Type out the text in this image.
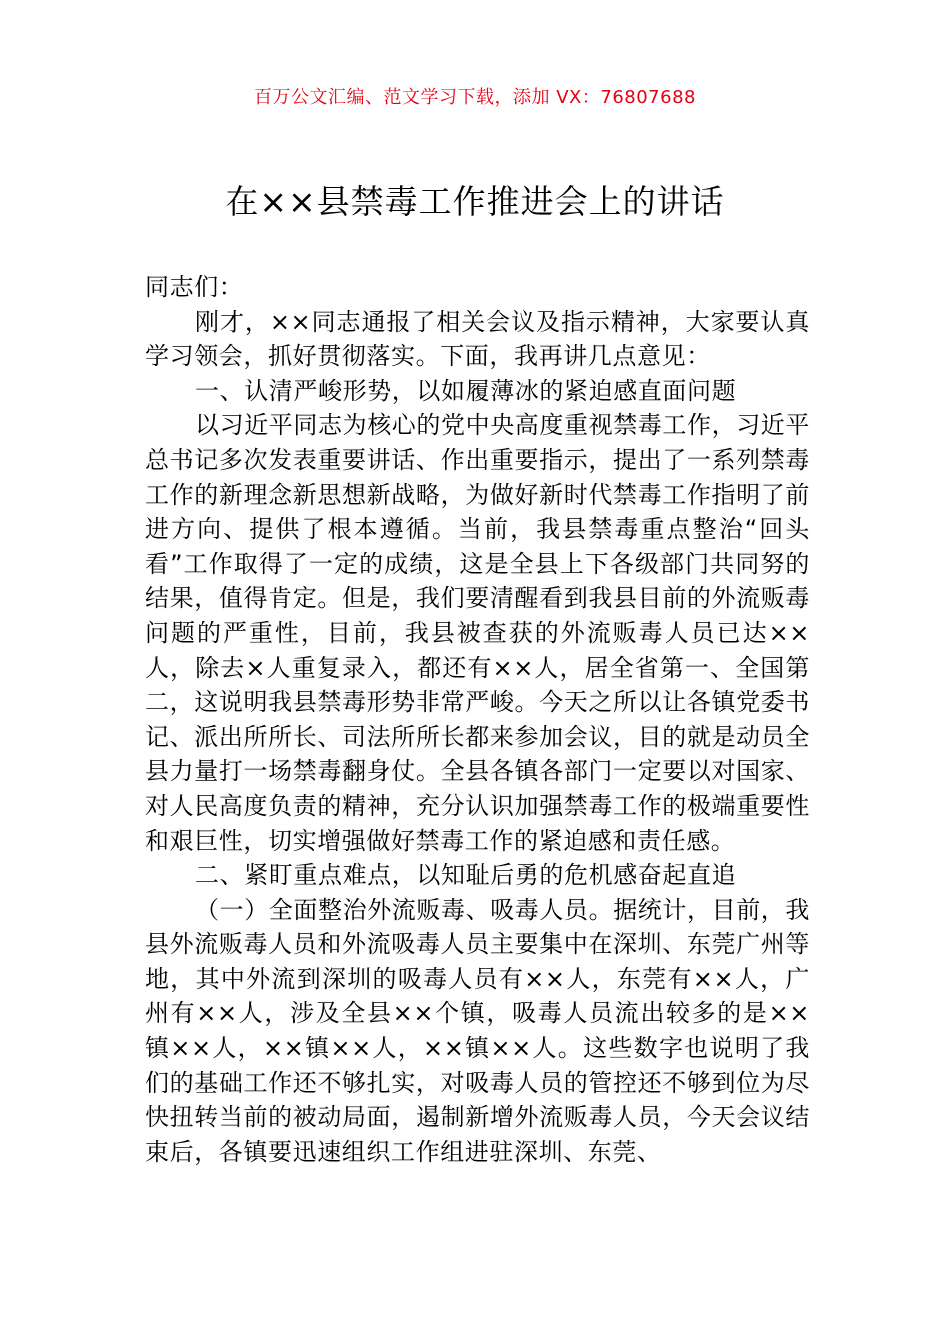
百万公文汇编、范文学习下载，添加 VX：76807688
在××县禁毒工作推进会上的讲话

同志们：

刚才，××同志通报了相关会议及指示精神，大家要认真学习领会，抓好贯彻落实。下面，我再讲几点意见：

一、认清严峻形势，以如履薄冰的紧迫感直面问题

以习近平同志为核心的党中央高度重视禁毒工作，习近平总书记多次发表重要讲话、作出重要指示，提出了一系列禁毒工作的新理念新思想新战略，为做好新时代禁毒工作指明了前进方向、提供了根本遵循。当前，我县禁毒重点整治“回头看”工作取得了一定的成绩，这是全县上下各级部门共同努的结果，值得肯定。但是，我们要清醒看到我县目前的外流贩毒问题的严重性，目前，我县被查获的外流贩毒人员已达××人，除去×人重复录入，都还有××人，居全省第一、全国第二，这说明我县禁毒形势非常严峻。今天之所以让各镇党委书记、派出所所长、司法所所长都来参加会议，目的就是动员全县力量打一场禁毒翻身仗。全县各镇各部门一定要以对国家、对人民高度负责的精神，充分认识加强禁毒工作的极端重要性和艰巨性，切实增强做好禁毒工作的紧迫感和责任感。

二、紧盯重点难点，以知耻后勇的危机感奋起直追

（一）全面整治外流贩毒、吸毒人员。据统计，目前，我县外流贩毒人员和外流吸毒人员主要集中在深圳、东莞广州等地，其中外流到深圳的吸毒人员有××人，东莞有××人，广州有××人，涉及全县××个镇，吸毒人员流出较多的是××镇××人，××镇××人，××镇××人。这些数字也说明了我们的基础工作还不够扎实，对吸毒人员的管控还不够到位为尽快扭转当前的被动局面，遏制新增外流贩毒人员，今天会议结束后，各镇要迅速组织工作组进驻深圳、东莞、
